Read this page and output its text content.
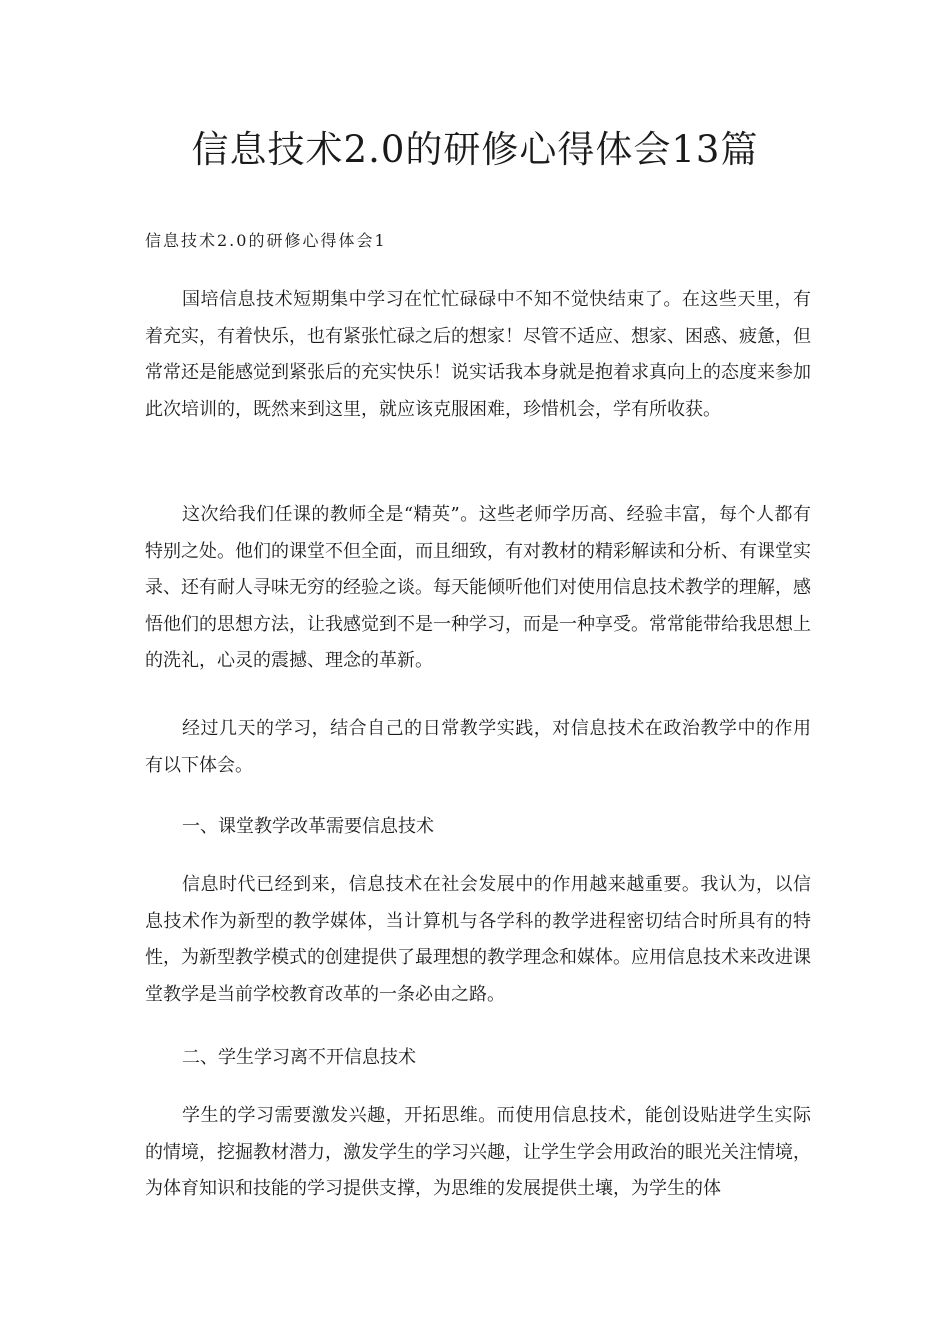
信息技术2.0的研修心得体会13篇

信息技术2.0的研修心得体会1

国培信息技术短期集中学习在忙忙碌碌中不知不觉快结束了。在这些天里，有着充实，有着快乐，也有紧张忙碌之后的想家！尽管不适应、想家、困惑、疲惫，但常常还是能感觉到紧张后的充实快乐！说实话我本身就是抱着求真向上的态度来参加此次培训的，既然来到这里，就应该克服困难，珍惜机会，学有所收获。

这次给我们任课的教师全是“精英”。这些老师学历高、经验丰富，每个人都有特别之处。他们的课堂不但全面，而且细致，有对教材的精彩解读和分析、有课堂实录、还有耐人寻味无穷的经验之谈。每天能倾听他们对使用信息技术教学的理解，感悟他们的思想方法，让我感觉到不是一种学习，而是一种享受。常常能带给我思想上的洗礼，心灵的震撼、理念的革新。

经过几天的学习，结合自己的日常教学实践，对信息技术在政治教学中的作用有以下体会。

一、课堂教学改革需要信息技术

信息时代已经到来，信息技术在社会发展中的作用越来越重要。我认为，以信息技术作为新型的教学媒体，当计算机与各学科的教学进程密切结合时所具有的特性，为新型教学模式的创建提供了最理想的教学理念和媒体。应用信息技术来改进课堂教学是当前学校教育改革的一条必由之路。

二、学生学习离不开信息技术

学生的学习需要激发兴趣，开拓思维。而使用信息技术，能创设贴进学生实际的情境，挖掘教材潜力，激发学生的学习兴趣，让学生学会用政治的眼光关注情境，为体育知识和技能的学习提供支撑，为思维的发展提供土壤，为学生的体
